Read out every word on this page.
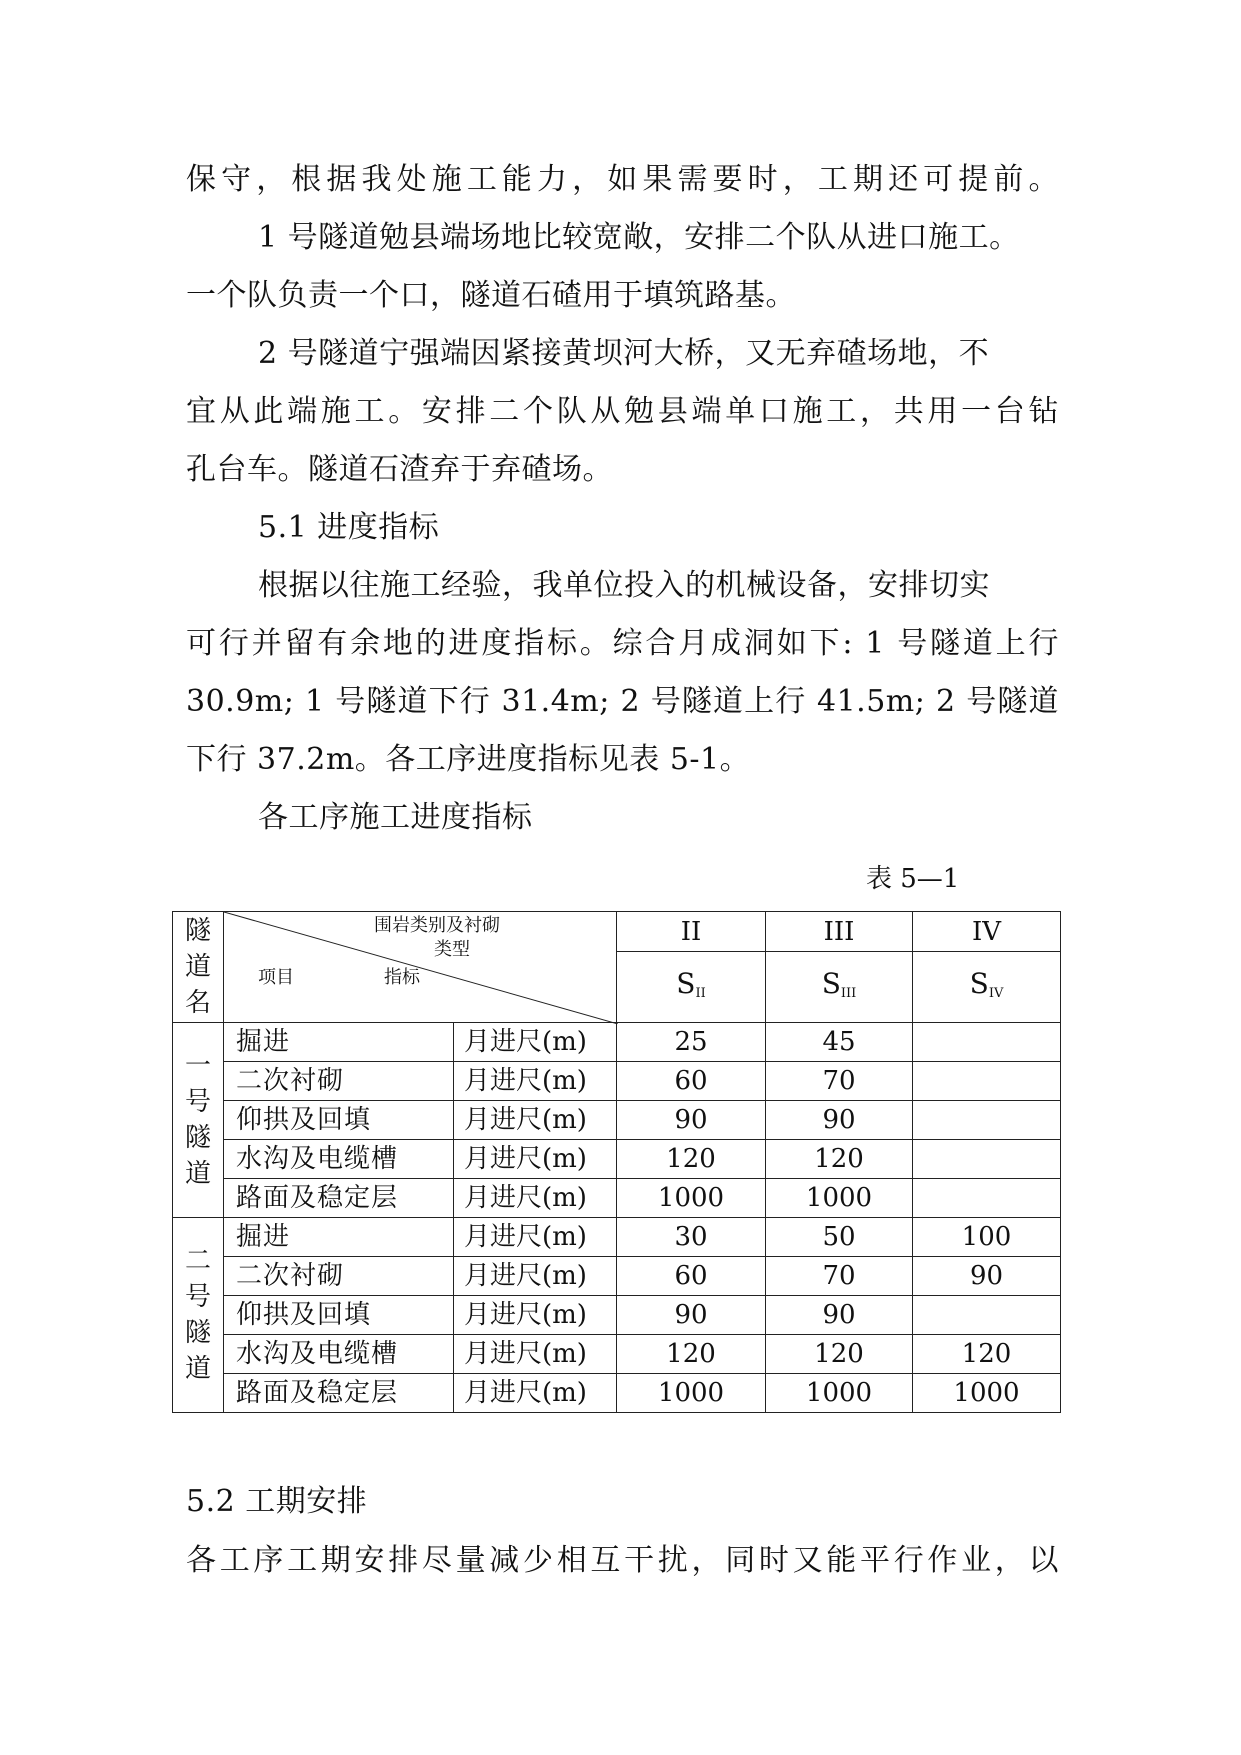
保守，根据我处施工能力，如果需要时，工期还可提前。
1 号隧道勉县端场地比较宽敞，安排二个队从进口施工。
一个队负责一个口，隧道石碴用于填筑路基。
2 号隧道宁强端因紧接黄坝河大桥，又无弃碴场地，不
宜从此端施工。安排二个队从勉县端单口施工，共用一台钻
孔台车。隧道石渣弃于弃碴场。
5.1 进度指标
根据以往施工经验，我单位投入的机械设备，安排切实
可行并留有余地的进度指标。综合月成洞如下: 1 号隧道上行
30.9m; 1 号隧道下行 31.4m; 2 号隧道上行 41.5m; 2 号隧道
下行 37.2m。各工序进度指标见表 5-1。
各工序施工进度指标
表 5—1
隧道名	围岩类别及衬砌
类型
项目 指标		II	III	IV
			SII	SIII	SIV
一号隧道	掘进	月进尺(m)	25	45	
	二次衬砌	月进尺(m)	60	70	
	仰拱及回填	月进尺(m)	90	90	
	水沟及电缆槽	月进尺(m)	120	120	
	路面及稳定层	月进尺(m)	1000	1000	
二号隧道	掘进	月进尺(m)	30	50	100
	二次衬砌	月进尺(m)	60	70	90
	仰拱及回填	月进尺(m)	90	90	
	水沟及电缆槽	月进尺(m)	120	120	120
	路面及稳定层	月进尺(m)	1000	1000	1000
5.2 工期安排
各工序工期安排尽量减少相互干扰，同时又能平行作业，以
